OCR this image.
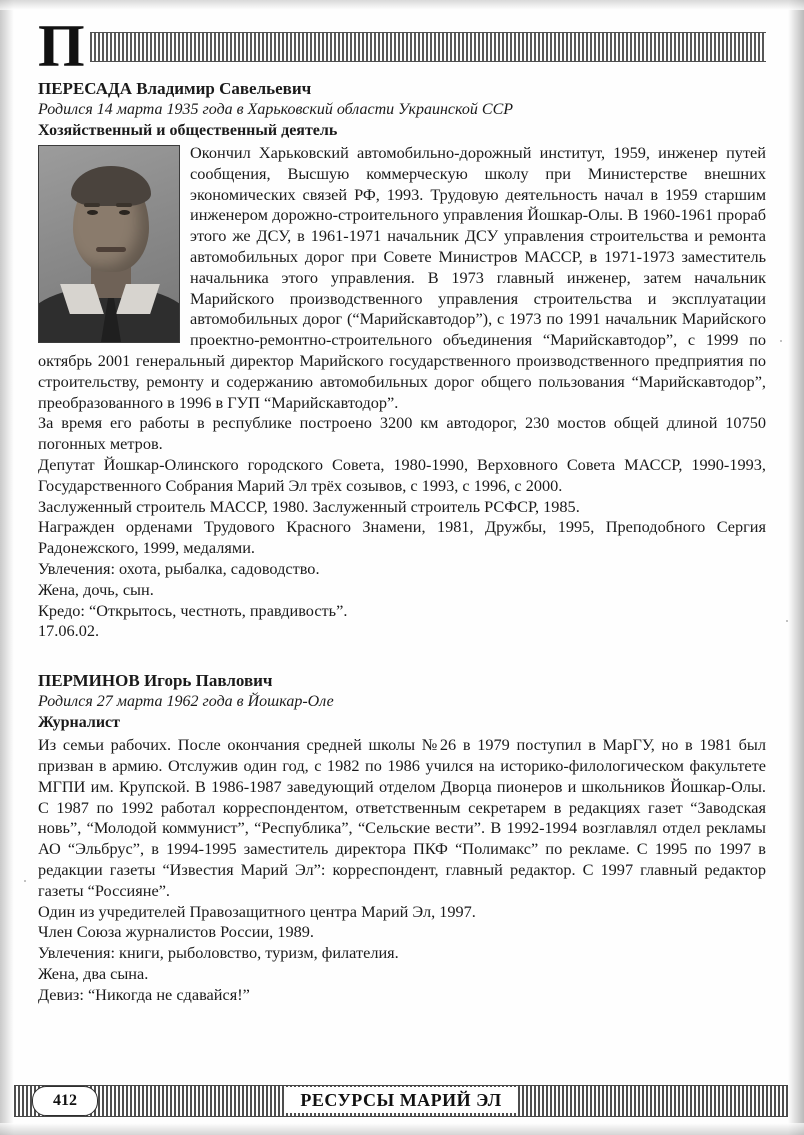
П
ПЕРЕСАДА Владимир Савельевич
Родился 14 марта 1935 года в Харьковский области Украинской ССР
Хозяйственный и общественный деятель

Окончил Харьковский автомобильно-дорожный институт, 1959, инженер путей сообщения, Высшую коммерческую школу при Министерстве внешних экономических связей РФ, 1993. Трудовую деятельность начал в 1959 старшим инженером дорожно-строительного управления Йошкар-Олы. В 1960-1961 прораб этого же ДСУ, в 1961-1971 начальник ДСУ управления строительства и ремонта автомобильных дорог при Совете Министров МАССР, в 1971-1973 заместитель начальника этого управления. В 1973 главный инженер, затем начальник Марийского производственного управления строительства и эксплуатации автомобильных дорог (“Марийскавтодор”), с 1973 по 1991 начальник Марийского проектно-ремонтно-строительного объединения “Марийскавтодор”, с 1999 по октябрь 2001 генеральный директор Марийского государственного производственного предприятия по строительству, ремонту и содержанию автомобильных дорог общего пользования “Марийскавтодор”, преобразованного в 1996 в ГУП “Марийскавтодор”.

За время его работы в республике построено 3200 км автодорог, 230 мостов общей длиной 10750 погонных метров.

Депутат Йошкар-Олинского городского Совета, 1980-1990, Верховного Совета МАССР, 1990-1993, Государственного Собрания Марий Эл трёх созывов, с 1993, с 1996, с 2000.

Заслуженный строитель МАССР, 1980. Заслуженный строитель РСФСР, 1985.

Награжден орденами Трудового Красного Знамени, 1981, Дружбы, 1995, Преподобного Сергия Радонежского, 1999, медалями.

Увлечения: охота, рыбалка, садоводство.

Жена, дочь, сын.

Кредо: “Открытось, честноть, правдивость”.

17.06.02.

ПЕРМИНОВ Игорь Павлович
Родился 27 марта 1962 года в Йошкар-Оле
Журналист

Из семьи рабочих. После окончания средней школы №26 в 1979 поступил в МарГУ, но в 1981 был призван в армию. Отслужив один год, с 1982 по 1986 учился на историко-филологическом факультете МГПИ им. Крупской. В 1986-1987 заведующий отделом Дворца пионеров и школьников Йошкар-Олы. С 1987 по 1992 работал корреспондентом, ответственным секретарем в редакциях газет “Заводская новь”, “Молодой коммунист”, “Республика”, “Сельские вести”. В 1992-1994 возглавлял отдел рекламы АО “Эльбрус”, в 1994-1995 заместитель директора ПКФ “Полимакс” по рекламе. С 1995 по 1997 в редакции газеты “Известия Марий Эл”: корреспондент, главный редактор. С 1997 главный редактор газеты “Россияне”.

Один из учредителей Правозащитного центра Марий Эл, 1997.

Член Союза журналистов России, 1989.

Увлечения: книги, рыболовство, туризм, филателия.

Жена, два сына.

Девиз: “Никогда не сдавайся!”

412	РЕСУРСЫ МАРИЙ ЭЛ
